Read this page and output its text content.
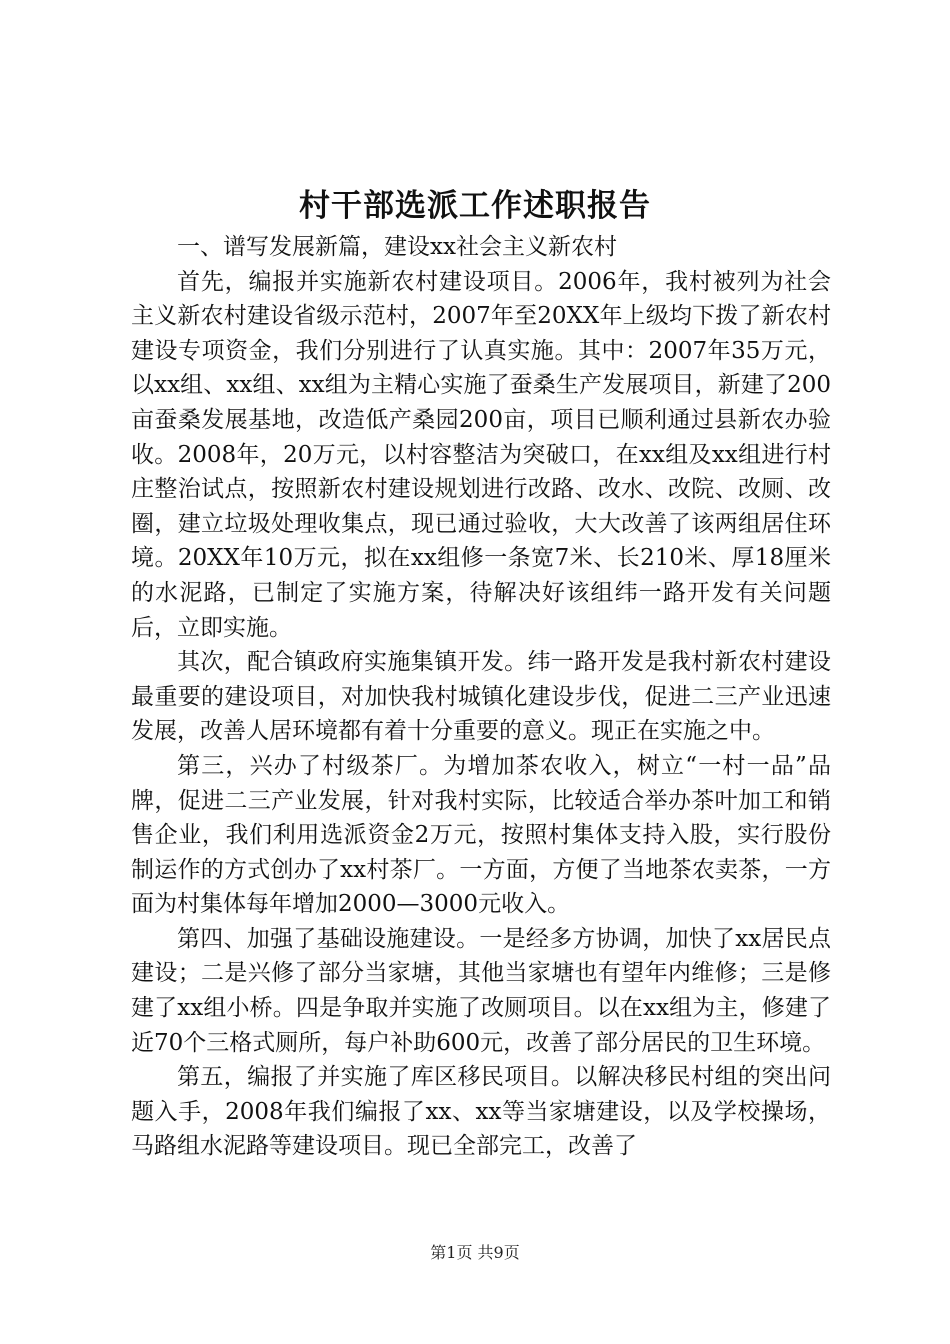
村干部选派工作述职报告

一、谱写发展新篇，建设xx社会主义新农村

首先，编报并实施新农村建设项目。2006年，我村被列为社会主义新农村建设省级示范村，2007年至20XX年上级均下拨了新农村建设专项资金，我们分别进行了认真实施。其中：2007年35万元，以xx组、xx组、xx组为主精心实施了蚕桑生产发展项目，新建了200亩蚕桑发展基地，改造低产桑园200亩，项目已顺利通过县新农办验收。2008年，20万元，以村容整洁为突破口，在xx组及xx组进行村庄整治试点，按照新农村建设规划进行改路、改水、改院、改厕、改圈，建立垃圾处理收集点，现已通过验收，大大改善了该两组居住环境。20XX年10万元，拟在xx组修一条宽7米、长210米、厚18厘米的水泥路，已制定了实施方案，待解决好该组纬一路开发有关问题后，立即实施。

其次，配合镇政府实施集镇开发。纬一路开发是我村新农村建设最重要的建设项目，对加快我村城镇化建设步伐，促进二三产业迅速发展，改善人居环境都有着十分重要的意义。现正在实施之中。

第三，兴办了村级茶厂。为增加茶农收入，树立“一村一品”品牌，促进二三产业发展，针对我村实际，比较适合举办茶叶加工和销售企业，我们利用选派资金2万元，按照村集体支持入股，实行股份制运作的方式创办了xx村茶厂。一方面，方便了当地茶农卖茶，一方面为村集体每年增加2000—3000元收入。

第四、加强了基础设施建设。一是经多方协调，加快了xx居民点建设；二是兴修了部分当家塘，其他当家塘也有望年内维修；三是修建了xx组小桥。四是争取并实施了改厕项目。以在xx组为主，修建了近70个三格式厕所，每户补助600元，改善了部分居民的卫生环境。

第五，编报了并实施了库区移民项目。以解决移民村组的突出问题入手，2008年我们编报了xx、xx等当家塘建设，以及学校操场，马路组水泥路等建设项目。现已全部完工，改善了

第1页 共9页
